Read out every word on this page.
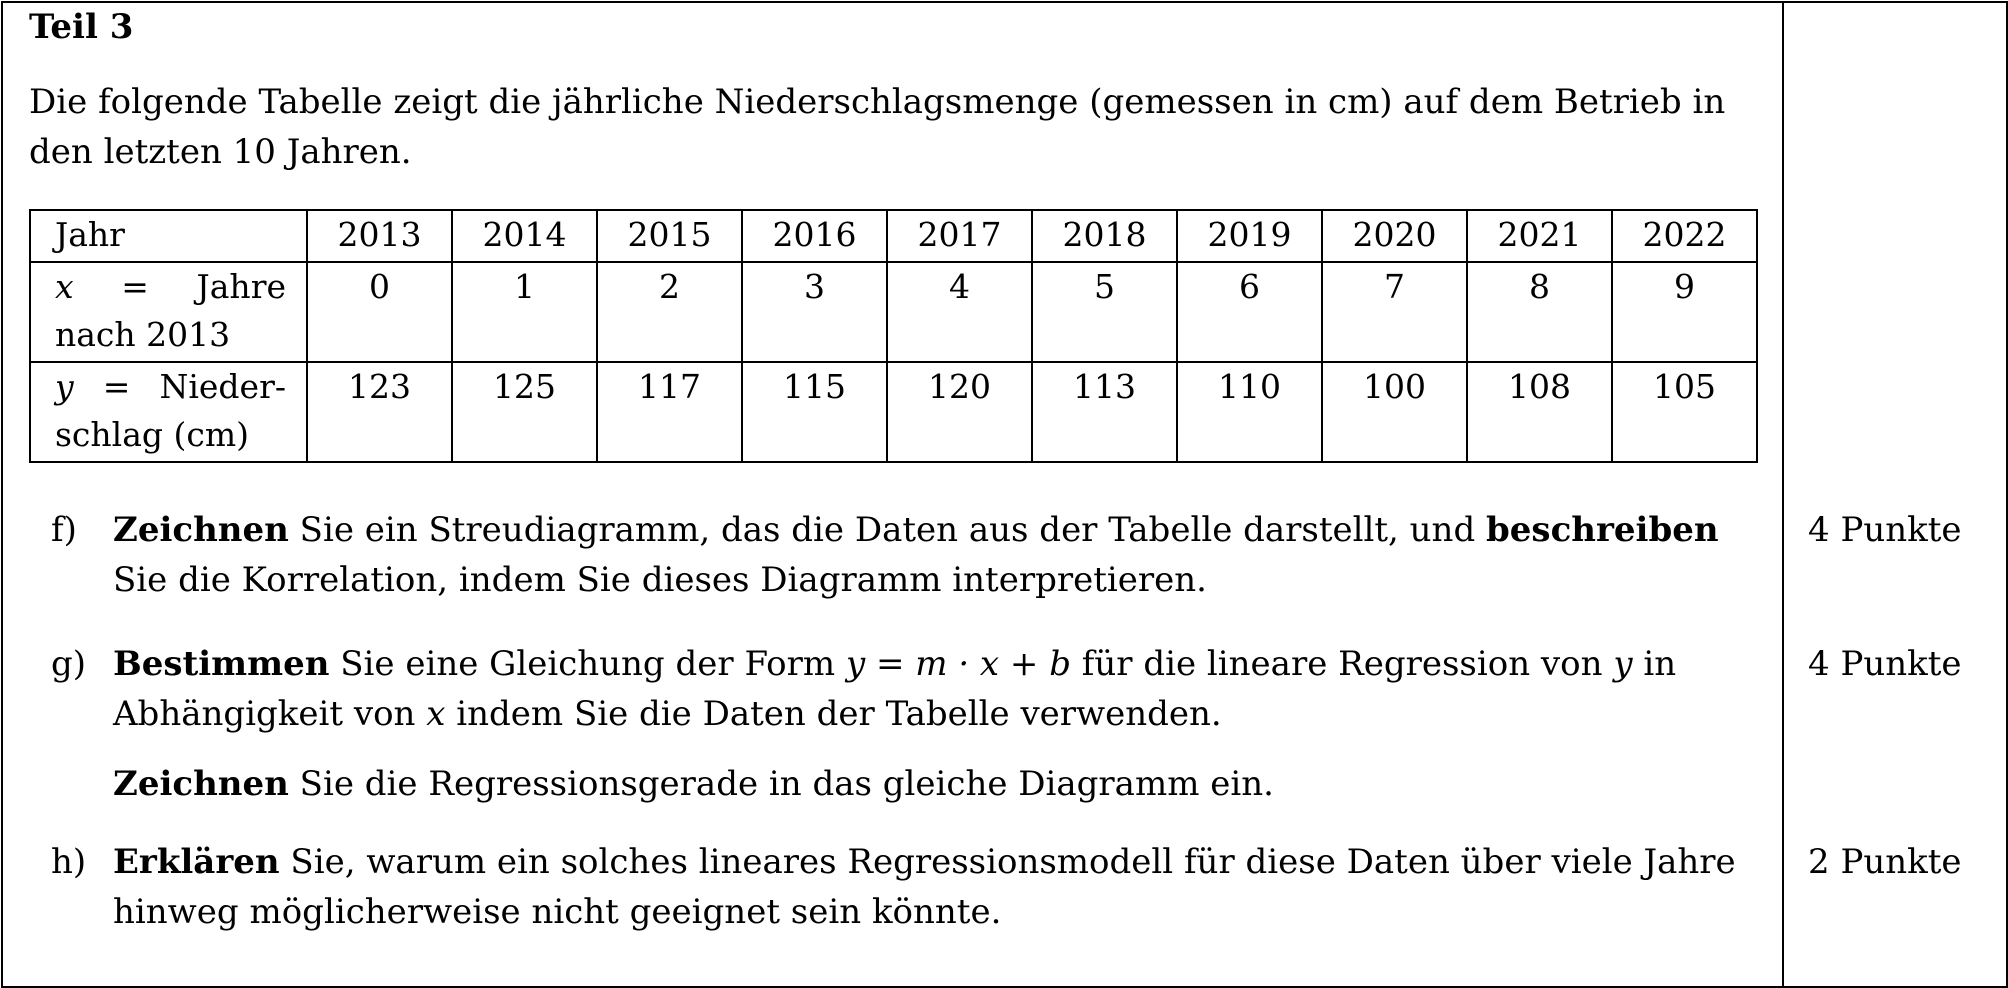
Teil 3
Die folgende Tabelle zeigt die jährliche Niederschlagsmenge (gemessen in cm) auf dem Betrieb in den letzten 10 Jahren.
Jahr	2013	2014	2015	2016	2017	2018	2019	2020	2021	2022

x = Jahre
nach 2013	0	1	2	3	4	5	6	7	8	9

y = Nieder-
schlag (cm)	123	125	117	115	120	113	110	100	108	105
f) Zeichnen Sie ein Streudiagramm, das die Daten aus der Tabelle darstellt, und beschreiben Sie die Korrelation, indem Sie dieses Diagramm interpretieren.
4 Punkte
g) Bestimmen Sie eine Gleichung der Form y = m · x + b für die lineare Regression von y in Abhängigkeit von x indem Sie die Daten der Tabelle verwenden.
Zeichnen Sie die Regressionsgerade in das gleiche Diagramm ein.
4 Punkte
h) Erklären Sie, warum ein solches lineares Regressionsmodell für diese Daten über viele Jahre hinweg möglicherweise nicht geeignet sein könnte.
2 Punkte
